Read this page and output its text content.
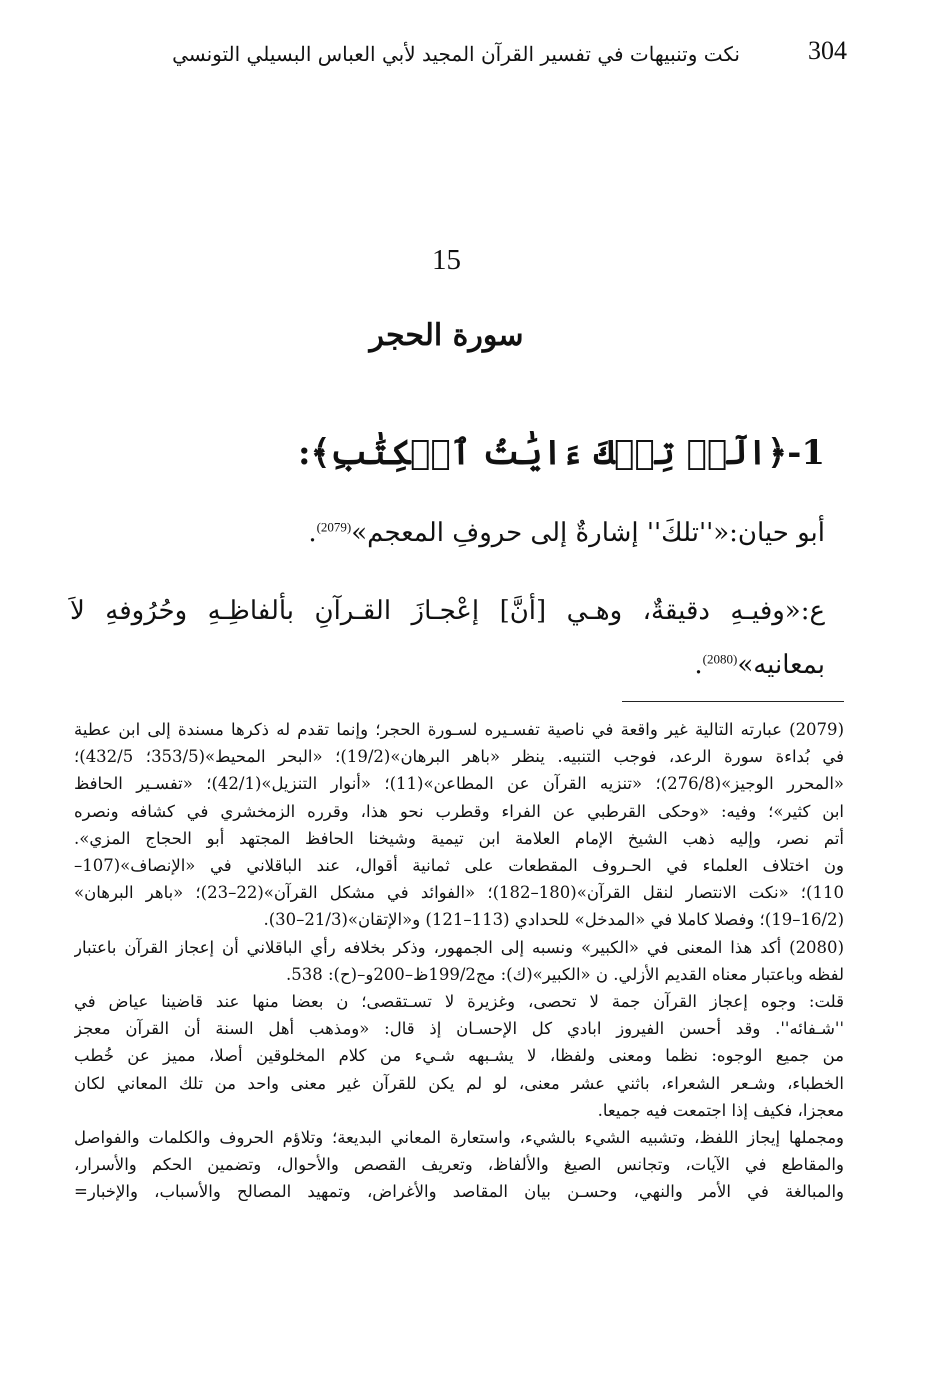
نكت وتنبيهات في تفسير القرآن المجيد لأبي العباس البسيلي التونسي	304
15
سورة الحجر
1-﴿الٓرۚ تِلۡكَ ءَايَٰتُ ٱلۡكِتَٰبِ﴾:
أبو حيان:«''تلكَ'' إشارةٌ إلى حروفِ المعجم»$^{(2079)}$.
ع:«وفيـهِ دقيقةٌ، وهـي [أنَّ] إعْجـازَ القـرآنِ بألفاظِـهِ وحُرُوفهِ لاَ
بمعانيه»$^{(2080)}$.
(2079) عبارته التالية غير واقعة في ناصية تفسـيره لسـورة الحجر؛ وإنما تقدم له ذكرها مسندة إلى ابن عطية
في بُداءة سورة الرعد، فوجب التنبيه. ينظر «باهر البرهان»(19/2)؛ «البحر المحيط»(353/5؛ 432/5)؛
«المحرر الوجيز»(276/8)؛ «تنزيه القرآن عن المطاعن»(11)؛ «أنوار التنزيل»(42/1)؛ «تفسـير الحافظ
ابن كثير»؛ وفيه: «وحكى القرطبي عن الفراء وقطرب نحو هذا، وقرره الزمخشري في كشافه ونصره
أتم نصر، وإليه ذهب الشيخ الإمام العلامة ابن تيمية وشيخنا الحافظ المجتهد أبو الحجاج المزي».
ون اختلاف العلماء في الحـروف المقطعات على ثمانية أقوال، عند الباقلاني في «الإنصاف»(107–
110)؛ «نكت الانتصار لنقل القرآن»(180–182)؛ «الفوائد في مشكل القرآن»(22–23)؛ «باهر البرهان»
(16/2–19)؛ وفصلا كاملا في «المدخل» للحدادي (113–121) و«الإتقان»(21/3–30).
(2080) أكد هذا المعنى في «الكبير» ونسبه إلى الجمهور، وذكر بخلافه رأي الباقلاني أن إعجاز القرآن باعتبار
لفظه وباعتبار معناه القديم الأزلي. ن «الكبير»(ك): مج199/2ظ–200و–(ح): 538.
قلت: وجوه إعجاز القرآن جمة لا تحصى، وغزيرة لا تسـتقصى؛ ن بعضا منها عند قاضينا عياض في
''شـفائه''. وقد أحسن الفيروز ابادي كل الإحسـان إذ قال: «ومذهب أهل السنة أن القرآن معجز
من جميع الوجوه: نظما ومعنى ولفظا، لا يشـبهه شـيء من كلام المخلوقين أصلا، مميز عن خُطب
الخطباء، وشـعر الشعراء، باثني عشر معنى، لو لم يكن للقرآن غير معنى واحد من تلك المعاني لكان
معجزا، فكيف إذا اجتمعت فيه جميعا.
ومجملها إيجاز اللفظ، وتشبيه الشيء بالشيء، واستعارة المعاني البديعة؛ وتلاؤم الحروف والكلمات والفواصل
والمقاطع في الآيات، وتجانس الصيغ والألفاظ، وتعريف القصص والأحوال، وتضمين الحكم والأسرار،
والمبالغة في الأمر والنهي، وحسـن بيان المقاصد والأغراض، وتمهيد المصالح والأسباب، والإخبار=
